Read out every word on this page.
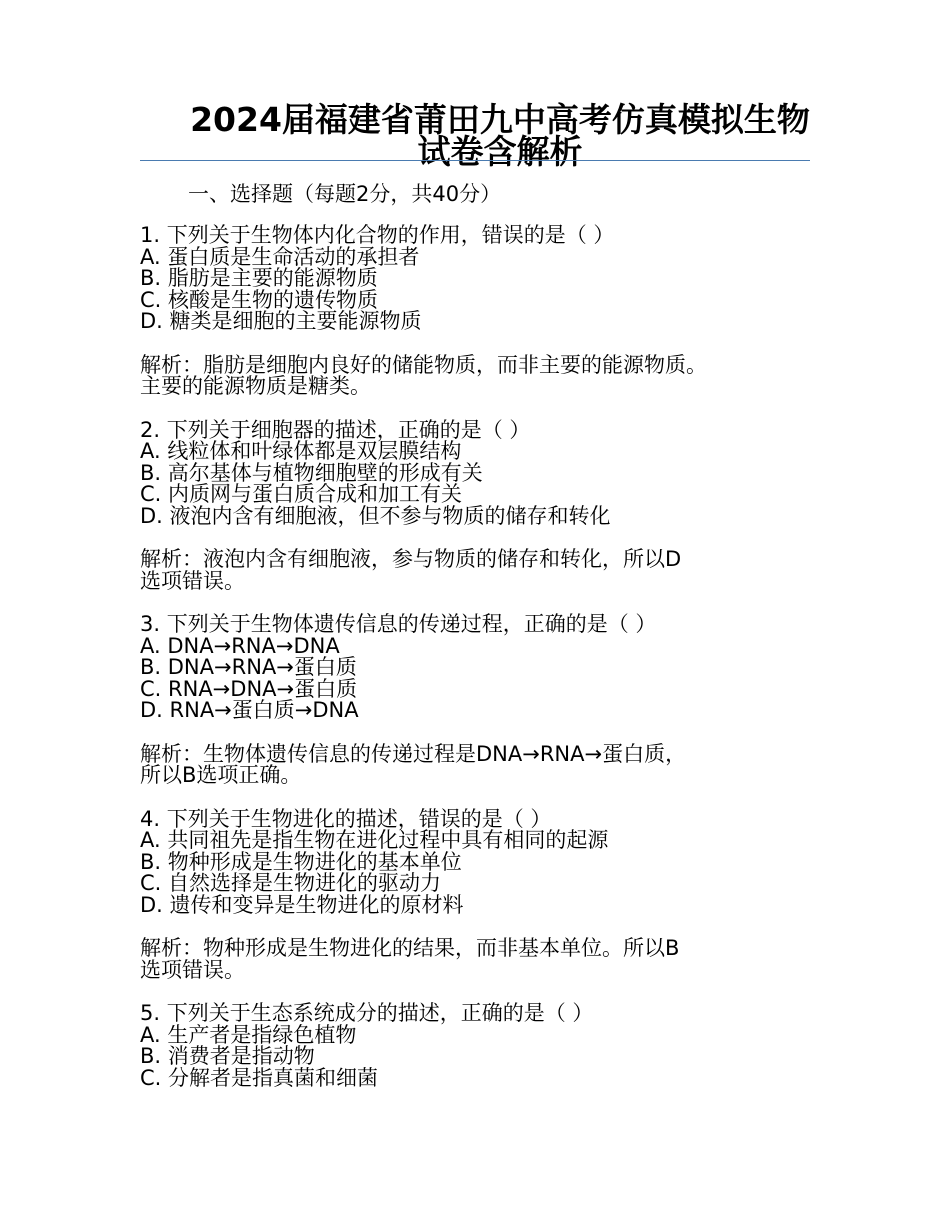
2024届福建省莆田九中高考仿真模拟生物试卷含解析
一、选择题（每题2分，共40分）
1. 下列关于生物体内化合物的作用，错误的是（ ）
A. 蛋白质是生命活动的承担者
B. 脂肪是主要的能源物质
C. 核酸是生物的遗传物质
D. 糖类是细胞的主要能源物质
解析：脂肪是细胞内良好的储能物质，而非主要的能源物质。
主要的能源物质是糖类。
2. 下列关于细胞器的描述，正确的是（ ）
A. 线粒体和叶绿体都是双层膜结构
B. 高尔基体与植物细胞壁的形成有关
C. 内质网与蛋白质合成和加工有关
D. 液泡内含有细胞液，但不参与物质的储存和转化
解析：液泡内含有细胞液，参与物质的储存和转化，所以D
选项错误。
3. 下列关于生物体遗传信息的传递过程，正确的是（ ）
A. DNA→RNA→DNA
B. DNA→RNA→蛋白质
C. RNA→DNA→蛋白质
D. RNA→蛋白质→DNA
解析：生物体遗传信息的传递过程是DNA→RNA→蛋白质，
所以B选项正确。
4. 下列关于生物进化的描述，错误的是（ ）
A. 共同祖先是指生物在进化过程中具有相同的起源
B. 物种形成是生物进化的基本单位
C. 自然选择是生物进化的驱动力
D. 遗传和变异是生物进化的原材料
解析：物种形成是生物进化的结果，而非基本单位。所以B
选项错误。
5. 下列关于生态系统成分的描述，正确的是（ ）
A. 生产者是指绿色植物
B. 消费者是指动物
C. 分解者是指真菌和细菌
